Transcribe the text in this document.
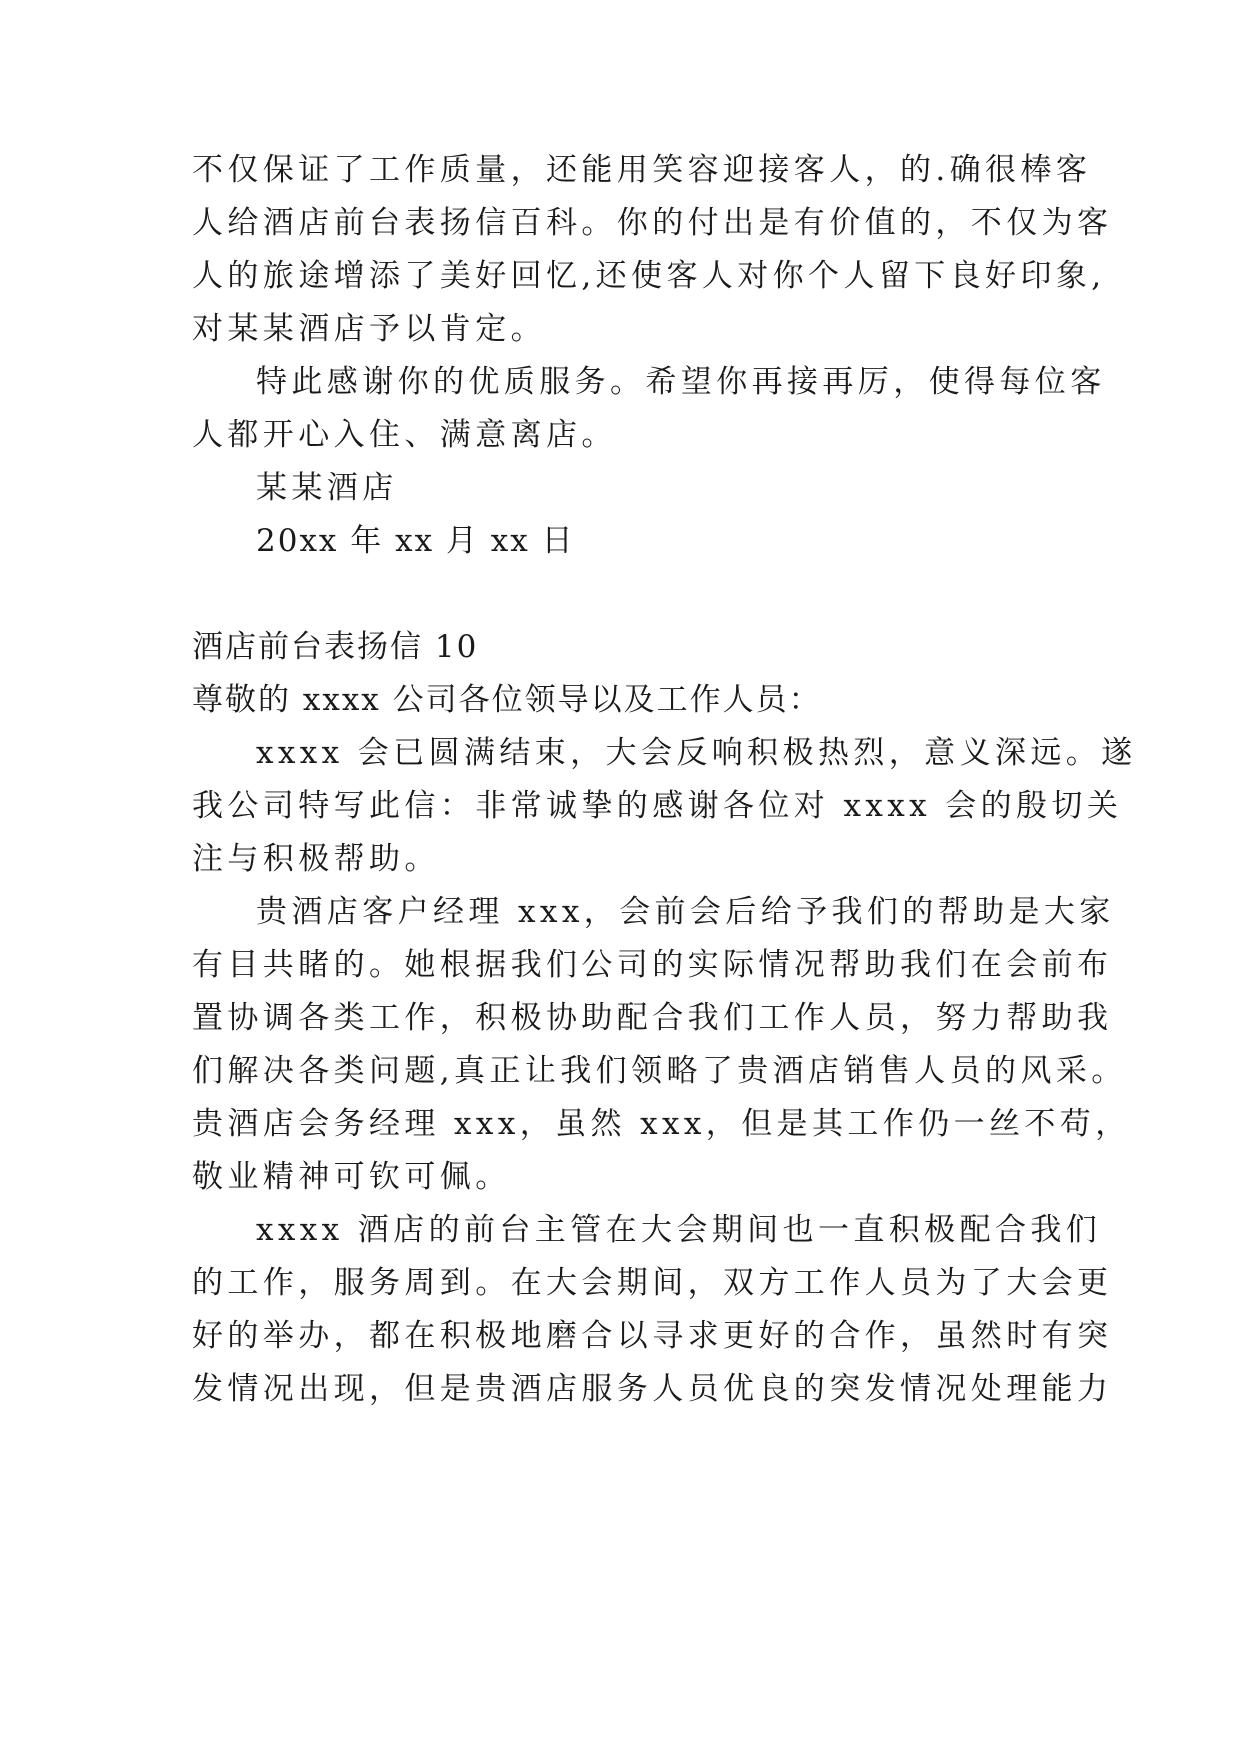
不仅保证了工作质量，还能用笑容迎接客人，的.确很棒客
人给酒店前台表扬信百科。你的付出是有价值的，不仅为客
人的旅途增添了美好回忆,还使客人对你个人留下良好印象,
对某某酒店予以肯定。
特此感谢你的优质服务。希望你再接再厉，使得每位客
人都开心入住、满意离店。
某某酒店
20xx 年 xx 月 xx 日
酒店前台表扬信 10
尊敬的 xxxx 公司各位领导以及工作人员：
xxxx 会已圆满结束，大会反响积极热烈，意义深远。遂
我公司特写此信：非常诚挚的感谢各位对 xxxx 会的殷切关
注与积极帮助。
贵酒店客户经理 xxx，会前会后给予我们的帮助是大家
有目共睹的。她根据我们公司的实际情况帮助我们在会前布
置协调各类工作，积极协助配合我们工作人员，努力帮助我
们解决各类问题,真正让我们领略了贵酒店销售人员的风采。
贵酒店会务经理 xxx，虽然 xxx，但是其工作仍一丝不苟，
敬业精神可钦可佩。
xxxx 酒店的前台主管在大会期间也一直积极配合我们
的工作，服务周到。在大会期间，双方工作人员为了大会更
好的举办，都在积极地磨合以寻求更好的合作，虽然时有突
发情况出现，但是贵酒店服务人员优良的突发情况处理能力
